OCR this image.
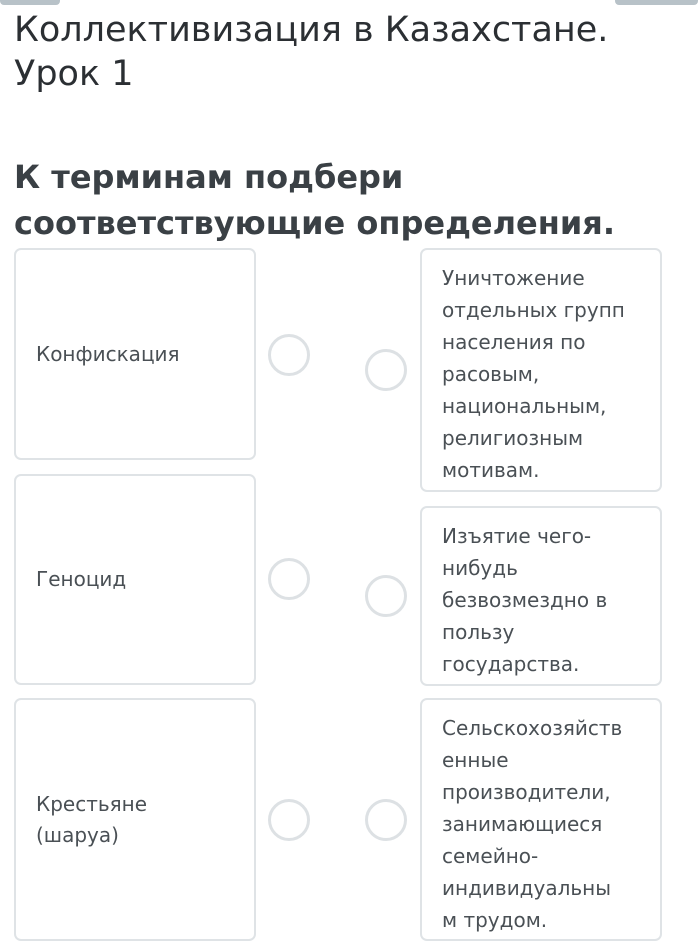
Коллективизация в Казахстане.
Урок 1
К терминам подбери
соответствующие определения.
Конфискация
Геноцид
Крестьяне
(шаруа)
Уничтожение
отдельных групп
населения по
расовым,
национальным,
религиозным
мотивам.
Изъятие чего-
нибудь
безвозмездно в
пользу
государства.
Сельскохозяйств
енные
производители,
занимающиеся
семейно-
индивидуальны
м трудом.
